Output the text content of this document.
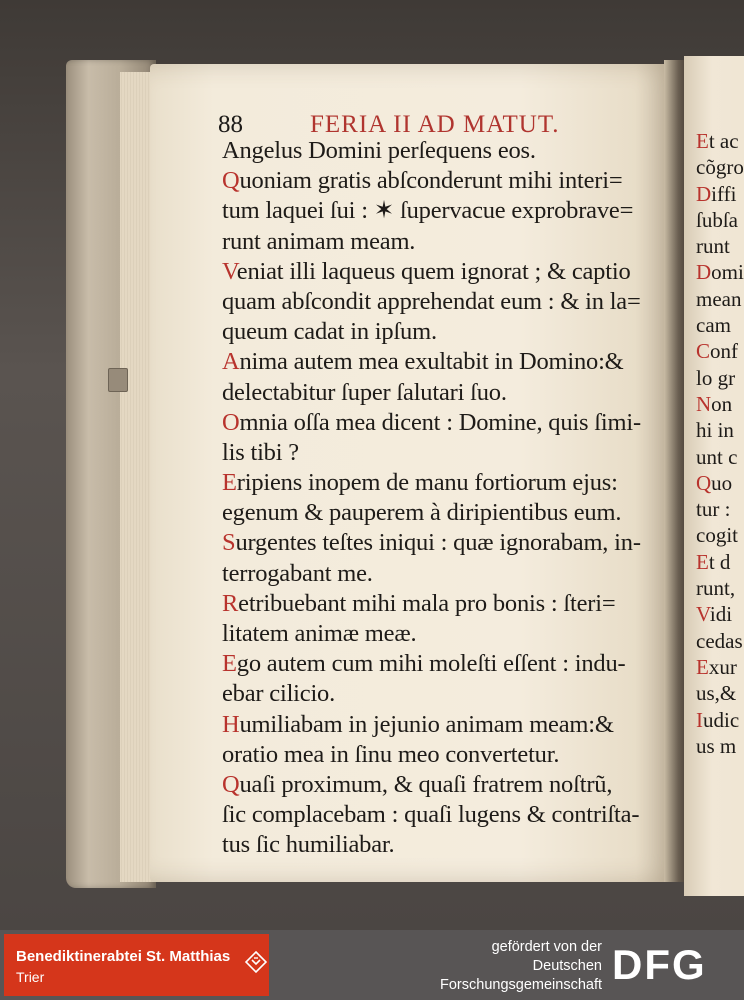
88	FERIA II AD MATUT.
Angelus Domini perſequens eos.
Quoniam gratis abſconderunt mihi interi=
tum laquei ſui : ✶ ſupervacue exprobrave=
runt animam meam.
Veniat illi laqueus quem ignorat ; & captio
quam abſcondit apprehendat eum : & in la=
queum cadat in ipſum.
Anima autem mea exultabit in Domino:&
delectabitur ſuper ſalutari ſuo.
Omnia oſſa mea dicent : Domine, quis ſimi-
lis tibi ?
Eripiens inopem de manu fortiorum ejus:
egenum & pauperem à diripientibus eum.
Surgentes teſtes iniqui : quæ ignorabam, in-
terrogabant me.
Retribuebant mihi mala pro bonis : ſteri=
litatem animæ meæ.
Ego autem cum mihi moleſti eſſent : indu-
ebar cilicio.
Humiliabam in jejunio animam meam:&
oratio mea in ſinu meo convertetur.
Quaſi proximum, & quaſi fratrem noſtrũ,
ſic complacebam : quaſi lugens & contriſta-
tus ſic humiliabar.
Et ac
cõgro
Diffi
ſubſa
runt
Domi
mean
cam
Conf
lo gr
Non
hi in
unt c
Quo
tur :
cogit
Et d
runt,
Vidi
cedas
Exur
us,&
Iudic
us m
Benediktinerabtei St. Matthias
Trier
gefördert von der
Deutschen Forschungsgemeinschaft DFG
